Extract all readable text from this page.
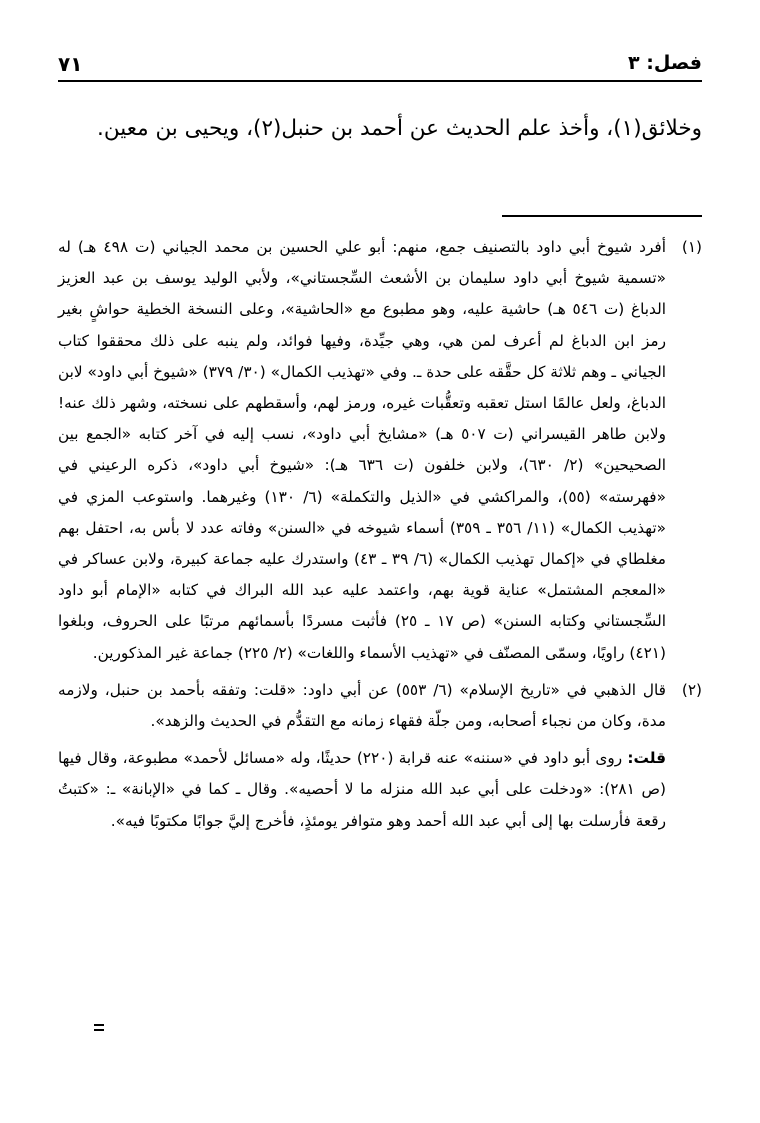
فصل: ٣
٧١

وخلائق(١)، وأخذ علم الحديث عن أحمد بن حنبل(٢)، ويحيى بن معين.

(١)

أفرد شيوخ أبي داود بالتصنيف جمع، منهم: أبو علي الحسين بن محمد الجياني (ت ٤٩٨ هـ) له «تسمية شيوخ أبي داود سليمان بن الأشعث السِّجستاني»، ولأبي الوليد يوسف بن عبد العزيز الدباغ (ت ٥٤٦ هـ) حاشية عليه، وهو مطبوع مع «الحاشية»، وعلى النسخة الخطية حواشٍ بغير رمز ابن الدباغ لم أعرف لمن هي، وهي جيِّدة، وفيها فوائد، ولم ينبه على ذلك محققوا كتاب الجياني ـ وهم ثلاثة كل حقَّقه على حدة ـ. وفي «تهذيب الكمال» (٣٠/ ٣٧٩) «شيوخ أبي داود» لابن الدباغ، ولعل عالمًا استل تعقبه وتعقُّبات غيره، ورمز لهم، وأسقطهم على نسخته، وشهر ذلك عنه! ولابن طاهر القيسراني (ت ٥٠٧ هـ) «مشايخ أبي داود»، نسب إليه في آخر كتابه «الجمع بين الصحيحين» (٢/ ٦٣٠)، ولابن خلفون (ت ٦٣٦ هـ): «شيوخ أبي داود»، ذكره الرعيني في «فهرسته» (٥٥)، والمراكشي في «الذيل والتكملة» (٦/ ١٣٠) وغيرهما. واستوعب المزي في «تهذيب الكمال» (١١/ ٣٥٦ ـ ٣٥٩) أسماء شيوخه في «السنن» وفاته عدد لا بأس به، احتفل بهم مغلطاي في «إكمال تهذيب الكمال» (٦/ ٣٩ ـ ٤٣) واستدرك عليه جماعة كبيرة، ولابن عساكر في «المعجم المشتمل» عناية قوية بهم، واعتمد عليه عبد الله البراك في كتابه «الإمام أبو داود السِّجستاني وكتابه السنن» (ص ١٧ ـ ٢٥) فأثبت مسردًا بأسمائهم مرتبًا على الحروف، وبلغوا (٤٢١) راويًا، وسمّى المصنّف في «تهذيب الأسماء واللغات» (٢/ ٢٢٥) جماعة غير المذكورين.

(٢)

قال الذهبي في «تاريخ الإسلام» (٦/ ٥٥٣) عن أبي داود: «قلت: وتفقه بأحمد بن حنبل، ولازمه مدة، وكان من نجباء أصحابه، ومن جلّة فقهاء زمانه مع التقدُّم في الحديث والزهد».

قلت: روى أبو داود في «سننه» عنه قرابة (٢٢٠) حديثًا، وله «مسائل لأحمد» مطبوعة، وقال فيها (ص ٢٨١): «ودخلت على أبي عبد الله منزله ما لا أحصيه». وقال ـ كما في «الإبانة» ـ: «كتبتُ رقعة فأرسلت بها إلى أبي عبد الله أحمد وهو متوافر يومئذٍ، فأخرج إليَّ جوابًا مكتوبًا فيه».
